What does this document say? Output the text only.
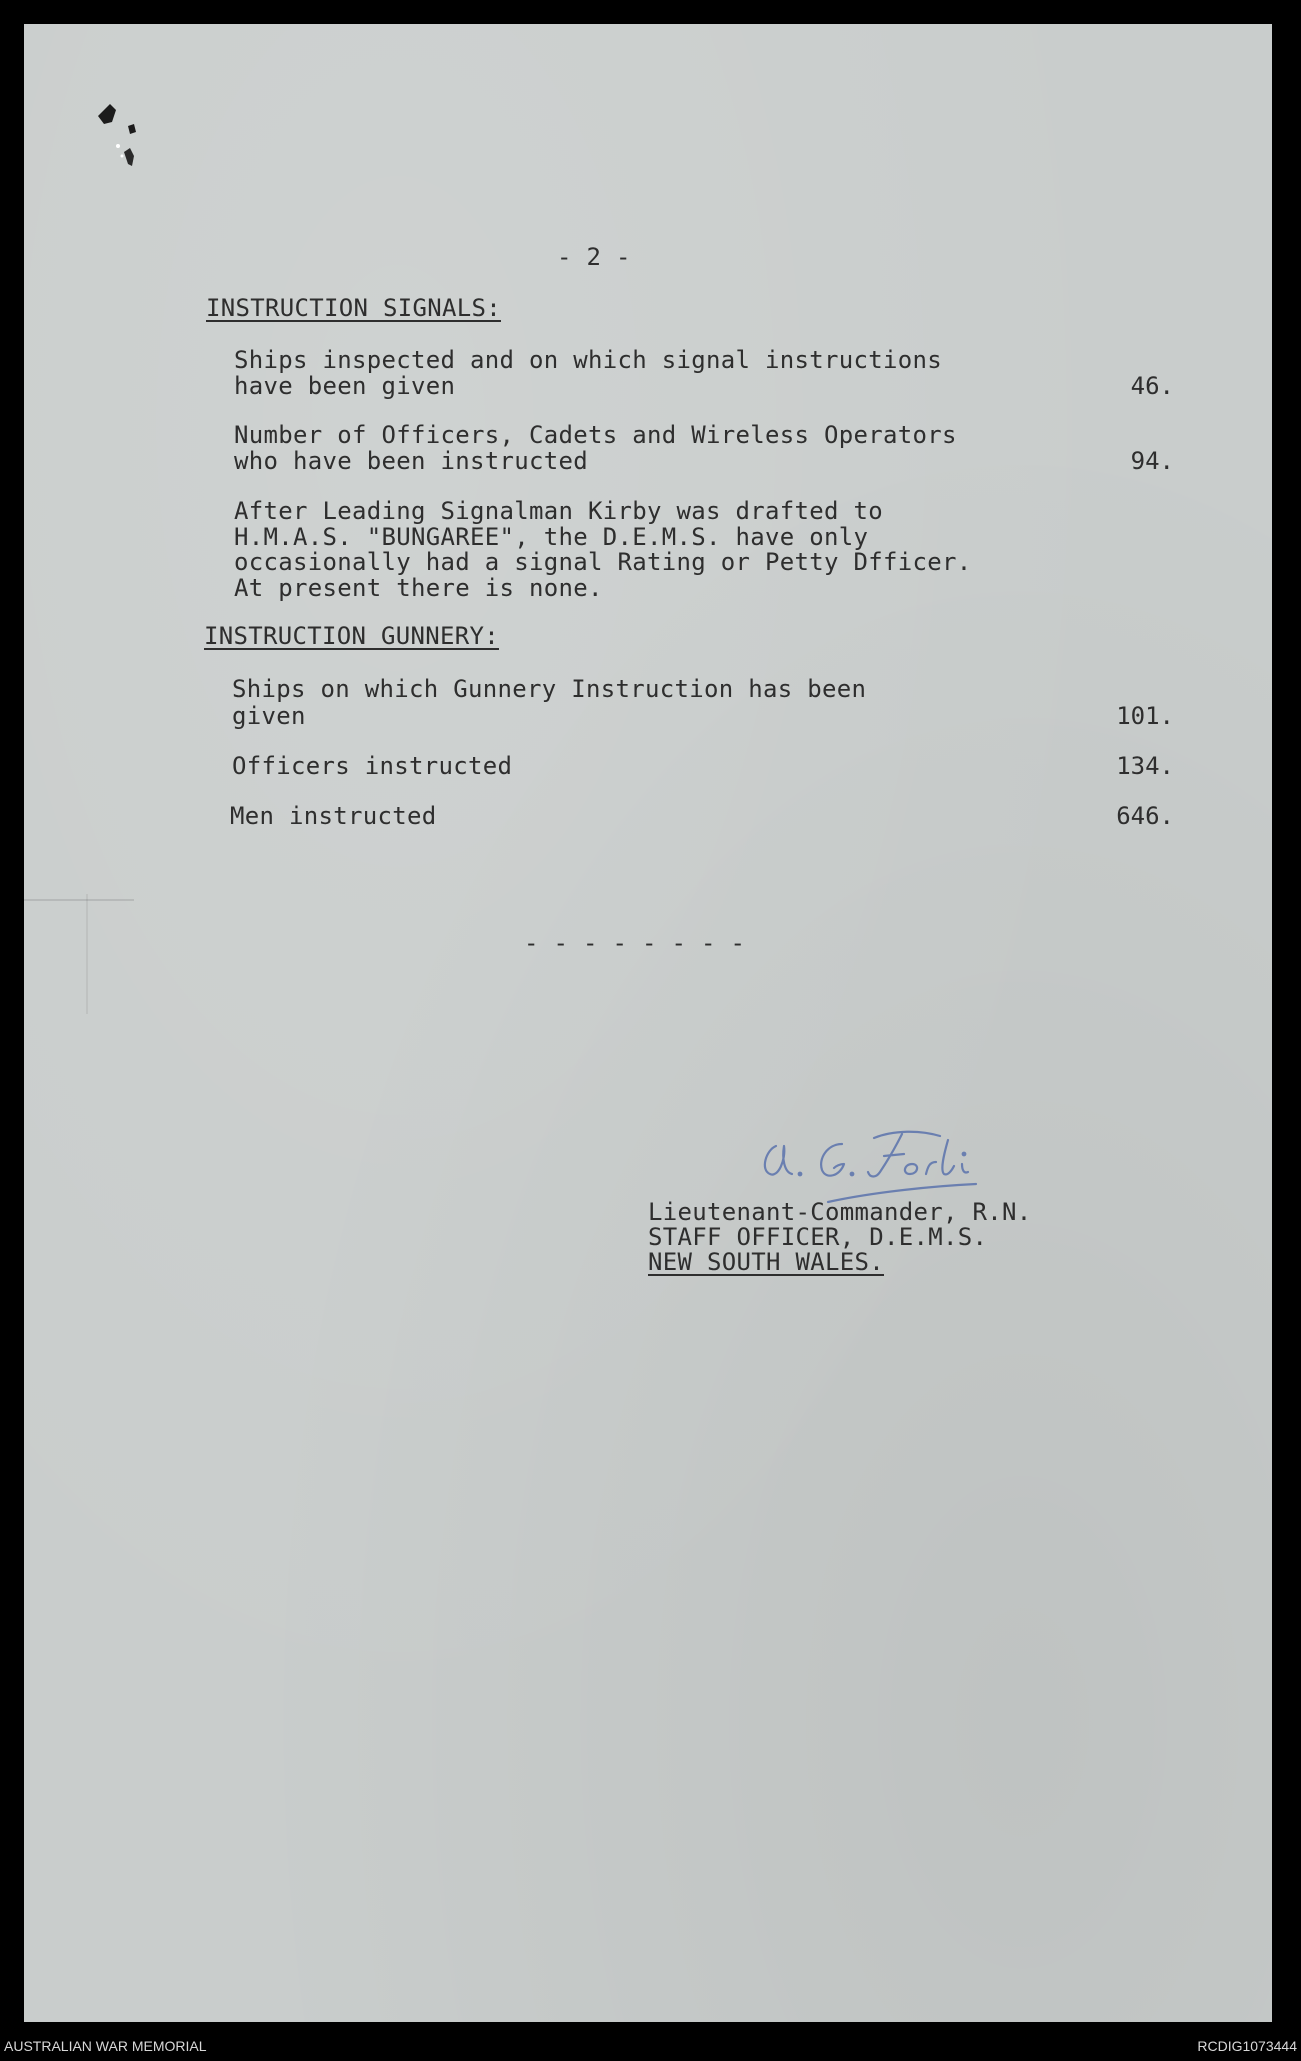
- 2 -
INSTRUCTION SIGNALS:
Ships inspected and on which signal instructions
have been given	46.
Number of Officers, Cadets and Wireless Operators
who have been instructed	94.
After Leading Signalman Kirby was drafted to
H.M.A.S. "BUNGAREE", the D.E.M.S. have only
occasionally had a signal Rating or Petty Dfficer.
At present there is none.
INSTRUCTION GUNNERY:
Ships on which Gunnery Instruction has been
given	101.
Officers instructed	134.
Men instructed	646.
- - - - - - - -
Lieutenant-Commander, R.N.
STAFF OFFICER, D.E.M.S.
NEW SOUTH WALES.
AUSTRALIAN WAR MEMORIAL	RCDIG1073444
